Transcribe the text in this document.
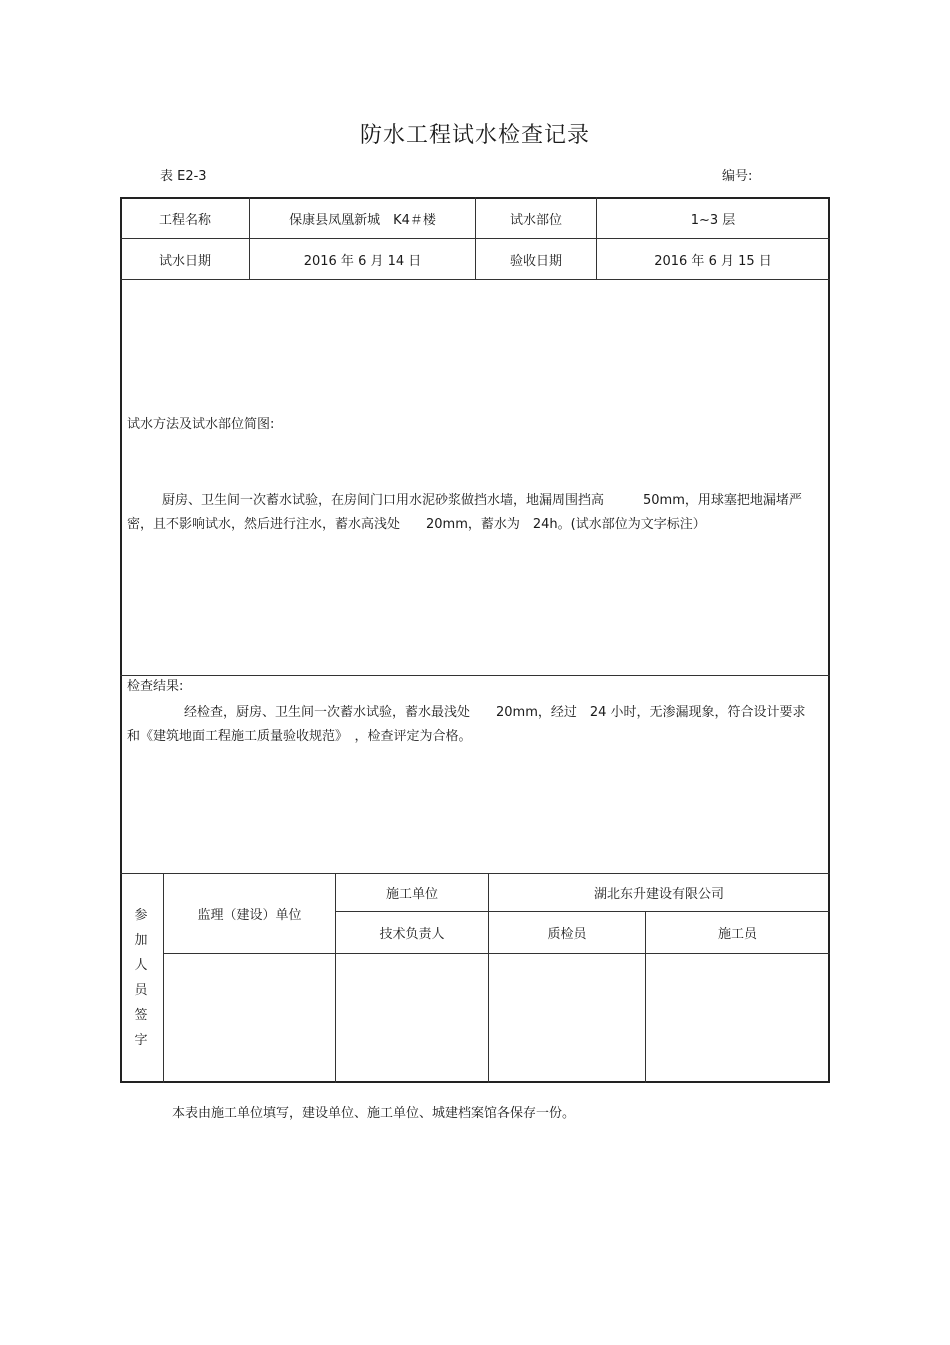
防水工程试水检查记录
表 E2-3	编号:
工程名称	保康县凤凰新城　K4＃楼	试水部位	1~3 层
试水日期	2016 年 6 月 14 日	验收日期	2016 年 6 月 15 日
试水方法及试水部位简图:
厨房、卫生间一次蓄水试验，在房间门口用水泥砂浆做挡水墙，地漏周围挡高　　　50mm，用球塞把地漏堵严
密，且不影响试水，然后进行注水，蓄水高浅处　　20mm，蓄水为　24h。(试水部位为文字标注）
检查结果:
经检查，厨房、卫生间一次蓄水试验，蓄水最浅处　　20mm，经过　24 小时，无渗漏现象，符合设计要求
和《建筑地面工程施工质量验收规范》　，检查评定为合格。
参
加
人
员
签
字
监理（建设）单位
施工单位	湖北东升建设有限公司
技术负责人	质检员	施工员
本表由施工单位填写，建设单位、施工单位、城建档案馆各保存一份。
